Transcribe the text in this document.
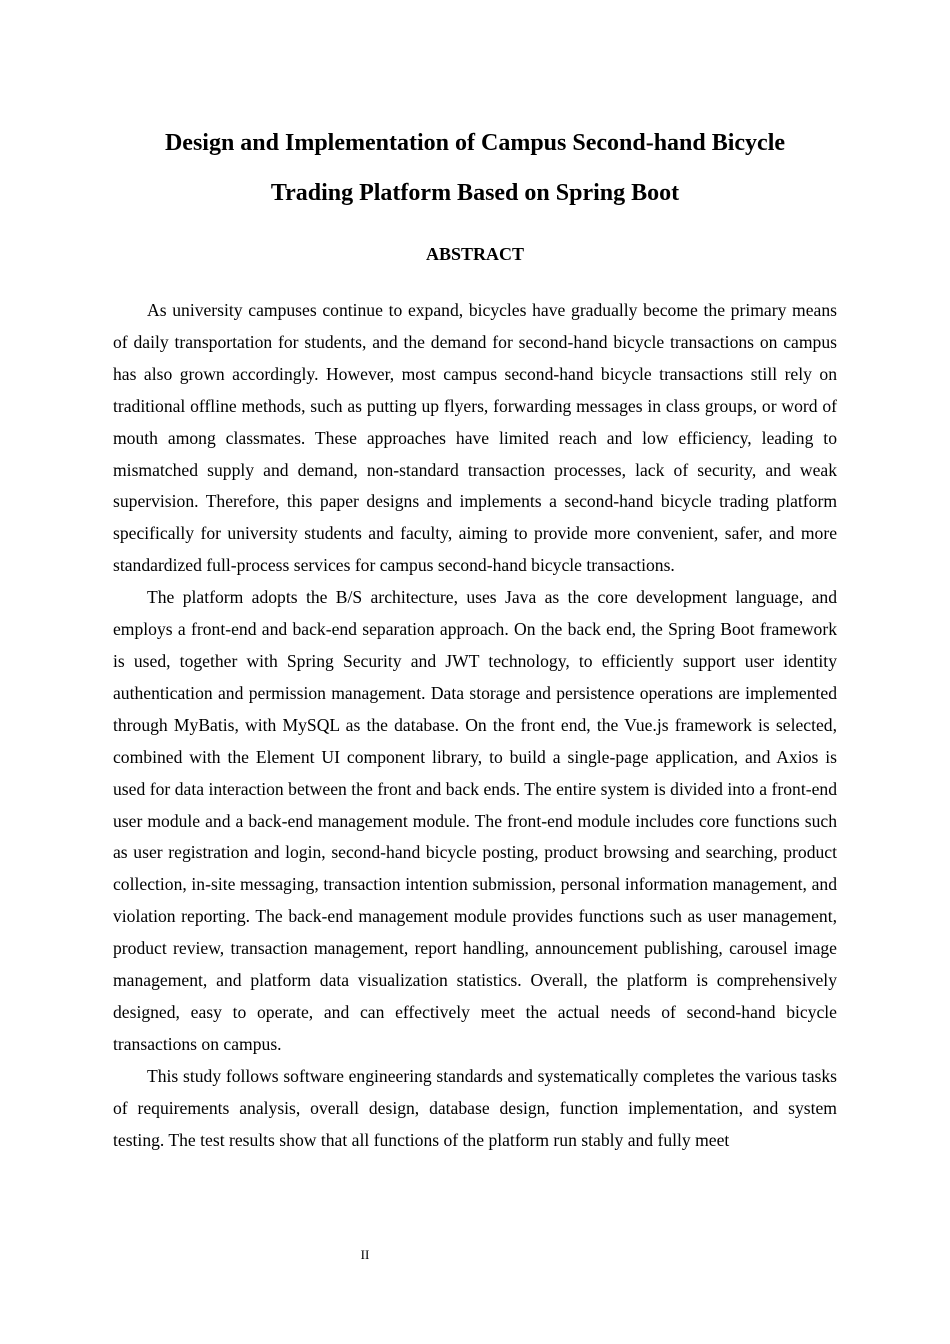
Design and Implementation of Campus Second-hand Bicycle
Trading Platform Based on Spring Boot
ABSTRACT

As university campuses continue to expand, bicycles have gradually become the primary means of daily transportation for students, and the demand for second-hand bicycle transactions on campus has also grown accordingly. However, most campus second-hand bicycle transactions still rely on traditional offline methods, such as putting up flyers, forwarding messages in class groups, or word of mouth among classmates. These approaches have limited reach and low efficiency, leading to mismatched supply and demand, non-standard transaction processes, lack of security, and weak supervision. Therefore, this paper designs and implements a second-hand bicycle trading platform specifically for university students and faculty, aiming to provide more convenient, safer, and more standardized full-process services for campus second-hand bicycle transactions.

The platform adopts the B/S architecture, uses Java as the core development language, and employs a front-end and back-end separation approach. On the back end, the Spring Boot framework is used, together with Spring Security and JWT technology, to efficiently support user identity authentication and permission management. Data storage and persistence operations are implemented through MyBatis, with MySQL as the database. On the front end, the Vue.js framework is selected, combined with the Element UI component library, to build a single-page application, and Axios is used for data interaction between the front and back ends. The entire system is divided into a front-end user module and a back-end management module. The front-end module includes core functions such as user registration and login, second-hand bicycle posting, product browsing and searching, product collection, in-site messaging, transaction intention submission, personal information management, and violation reporting. The back-end management module provides functions such as user management, product review, transaction management, report handling, announcement publishing, carousel image management, and platform data visualization statistics. Overall, the platform is comprehensively designed, easy to operate, and can effectively meet the actual needs of second-hand bicycle transactions on campus.

This study follows software engineering standards and systematically completes the various tasks of requirements analysis, overall design, database design, function implementation, and system testing. The test results show that all functions of the platform run stably and fully meet

II
